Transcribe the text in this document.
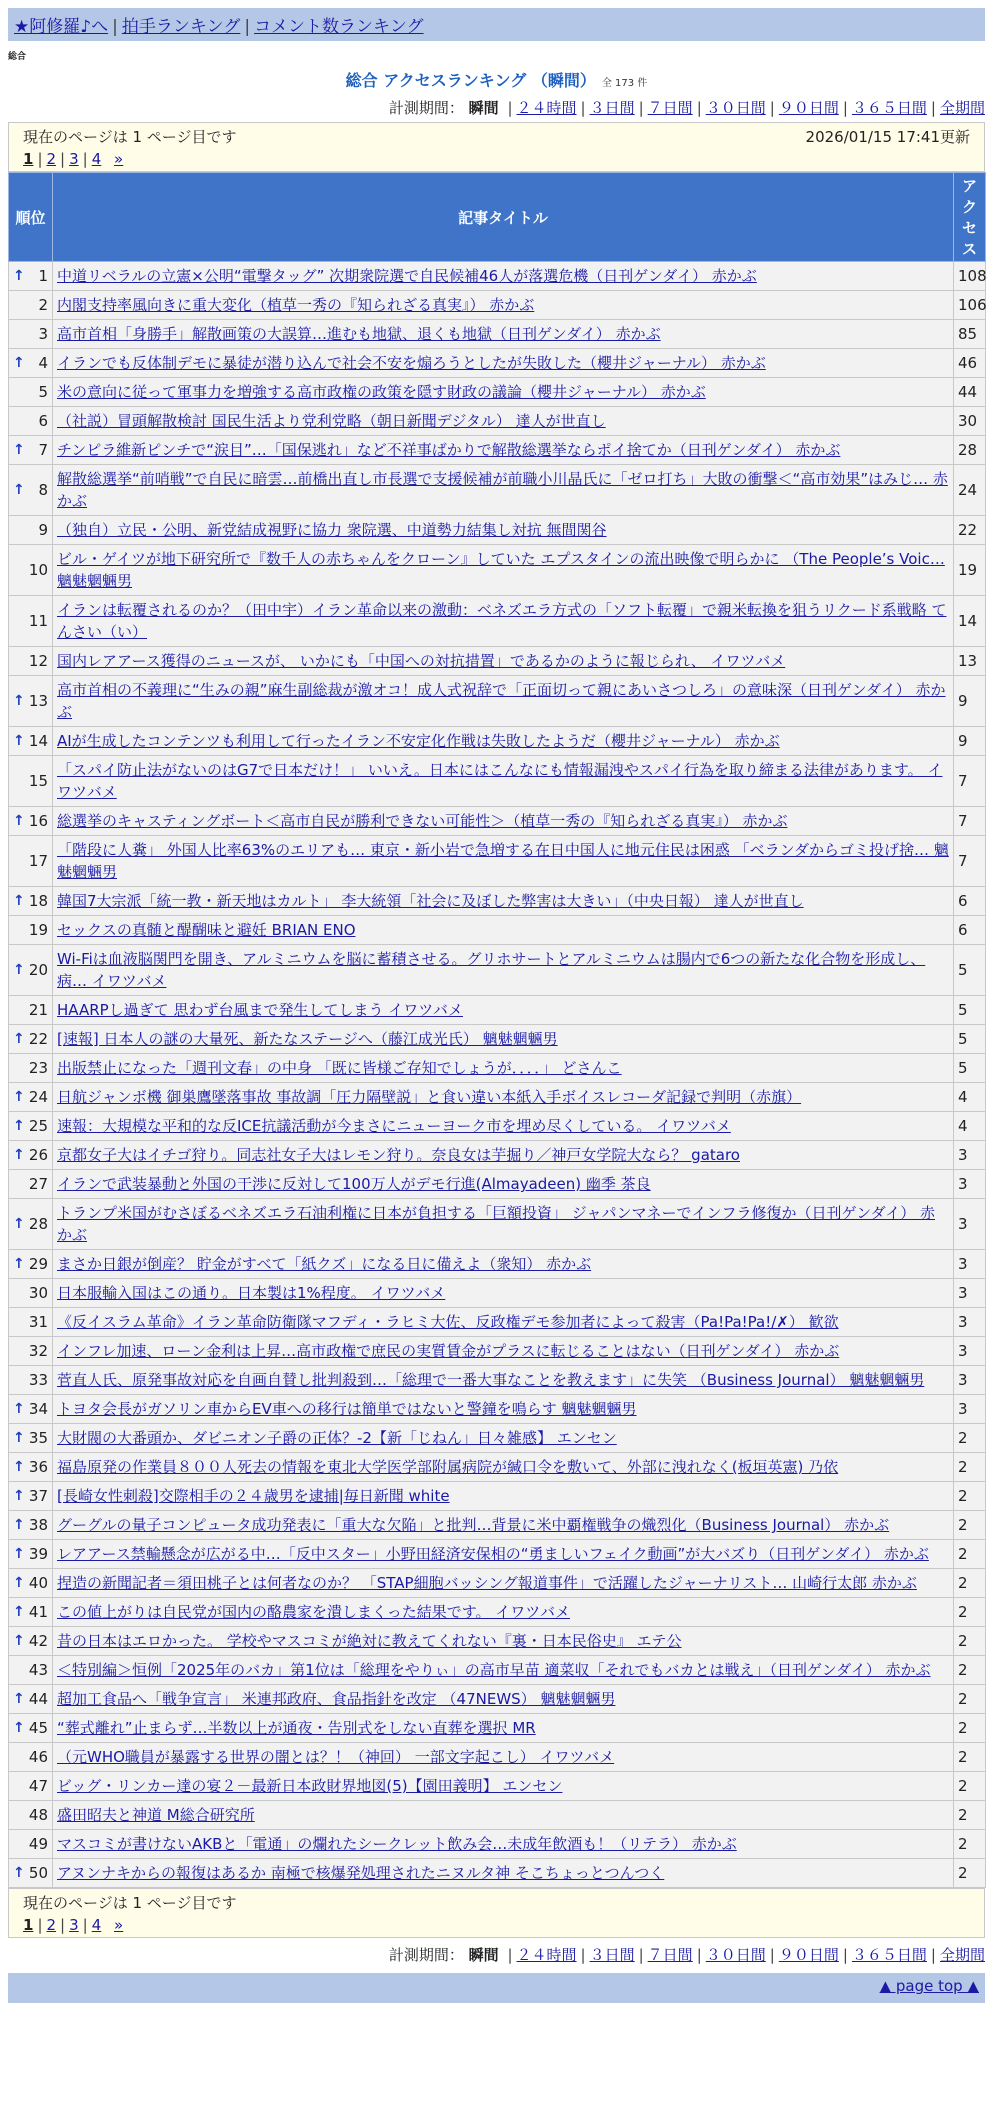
★阿修羅♪へ | 拍手ランキング | コメント数ランキング
総合
総合 アクセスランキング （瞬間） 全 173 件
計測期間： 瞬間 | ２４時間 | ３日間 | ７日間 | ３０日間 | ９０日間 | ３６５日間 | 全期間
現在のページは 1 ページ目です	2026/01/15 17:41更新
1 | 2 | 3 | 4 »
順位	記事タイトル	アクセス

↑ 1	中道リベラルの立憲×公明“電撃タッグ” 次期衆院選で自民候補46人が落選危機（日刊ゲンダイ） 赤かぶ	108
2	内閣支持率風向きに重大変化（植草一秀の『知られざる真実』） 赤かぶ	106
3	高市首相「身勝手」解散画策の大誤算…進むも地獄、退くも地獄（日刊ゲンダイ） 赤かぶ	85

↑ 4	イランでも反体制デモに暴徒が潜り込んで社会不安を煽ろうとしたが失敗した（櫻井ジャーナル） 赤かぶ	46
5	米の意向に従って軍事力を増強する高市政権の政策を隠す財政の議論（櫻井ジャーナル） 赤かぶ	44
6	（社説）冒頭解散検討 国民生活より党利党略（朝日新聞デジタル） 達人が世直し	30

↑ 7	チンピラ維新ピンチで“涙目”…「国保逃れ」など不祥事ばかりで解散総選挙ならポイ捨てか（日刊ゲンダイ） 赤かぶ	28

↑ 8	解散総選挙“前哨戦”で自民に暗雲…前橋出直し市長選で支援候補が前職小川晶氏に「ゼロ打ち」大敗の衝撃＜“高市効果”はみじ… 赤かぶ	24
9	（独自）立民・公明、新党結成視野に協力 衆院選、中道勢力結集し対抗 無間関谷	22
10	ビル・ゲイツが地下研究所で『数千人の赤ちゃんをクローン』していた エプスタインの流出映像で明らかに （The People’s Voic… 魑魅魍魎男	19
11	イランは転覆されるのか？（田中宇）イラン革命以来の激動：ベネズエラ方式の「ソフト転覆」で親米転換を狙うリクード系戦略 てんさい（い）	14
12	国内レアアース獲得のニュースが、 いかにも「中国への対抗措置」であるかのように報じられ、 イワツバメ	13

↑ 13	高市首相の不義理に“生みの親”麻生副総裁が激オコ！成人式祝辞で「正面切って親にあいさつしろ」の意味深（日刊ゲンダイ） 赤かぶ	9

↑ 14	AIが生成したコンテンツも利用して行ったイラン不安定化作戦は失敗したようだ（櫻井ジャーナル） 赤かぶ	9
15	「スパイ防止法がないのはG7で日本だけ！」 いいえ。日本にはこんなにも情報漏洩やスパイ行為を取り締まる法律があります。 イワツバメ	7

↑ 16	総選挙のキャスティングボート＜高市自民が勝利できない可能性＞（植草一秀の『知られざる真実』） 赤かぶ	7
17	「階段に人糞」 外国人比率63%のエリアも… 東京・新小岩で急増する在日中国人に地元住民は困惑 「ベランダからゴミ投げ捨… 魑魅魍魎男	7

↑ 18	韓国7大宗派「統一教・新天地はカルト」 李大統領「社会に及ぼした弊害は大きい」（中央日報） 達人が世直し	6
19	セックスの真髄と醍醐味と避妊 BRIAN ENO	6

↑ 20	Wi-Fiは血液脳関門を開き、アルミニウムを脳に蓄積させる。グリホサートとアルミニウムは腸内で6つの新たな化合物を形成し、病… イワツバメ	5
21	HAARPし過ぎて 思わず台風まで発生してしまう イワツバメ	5

↑ 22	[速報] 日本人の謎の大量死、新たなステージへ（藤江成光氏） 魑魅魍魎男	5
23	出版禁止になった「週刊文春」の中身 「既に皆様ご存知でしょうが．．．．」 どさんこ	5

↑ 24	日航ジャンボ機 御巣鷹墜落事故 事故調「圧力隔壁説」と食い違い本紙入手ボイスレコーダ記録で判明（赤旗）	4

↑ 25	速報：大規模な平和的な反ICE抗議活動が今まさにニューヨーク市を埋め尽くしている。 イワツバメ	4

↑ 26	京都女子大はイチゴ狩り。同志社女子大はレモン狩り。奈良女は芋掘り／神戸女学院大なら？ gataro	3
27	イランで武装暴動と外国の干渉に反対して100万人がデモ行進(Almayadeen) 幽季 茶良	3

↑ 28	トランプ米国がむさぼるベネズエラ石油利権に日本が負担する「巨額投資」 ジャパンマネーでインフラ修復か（日刊ゲンダイ） 赤かぶ	3

↑ 29	まさか日銀が倒産？ 貯金がすべて「紙クズ」になる日に備えよ（衆知） 赤かぶ	3
30	日本服輸入国はこの通り。日本製は1%程度。 イワツバメ	3
31	《反イスラム革命》イラン革命防衛隊マフディ・ラヒミ大佐、反政権デモ参加者によって殺害（Pa!Pa!Pa!/✗） 歓欲	3
32	インフレ加速、ローン金利は上昇…高市政権で庶民の実質賃金がプラスに転じることはない（日刊ゲンダイ） 赤かぶ	3
33	菅直人氏、原発事故対応を自画自賛し批判殺到…「総理で一番大事なことを教えます」に失笑 （Business Journal） 魑魅魍魎男	3

↑ 34	トヨタ会長がガソリン車からEV車への移行は簡単ではないと警鐘を鳴らす 魑魅魍魎男	3

↑ 35	大財閥の大番頭か、ダビニオン子爵の正体？-2【新「じねん」日々雑感】 エンセン	2

↑ 36	福島原発の作業員８００人死去の情報を東北大学医学部附属病院が緘口令を敷いて、外部に洩れなく(板垣英憲) 乃依	2

↑ 37	[長崎女性刺殺]交際相手の２４歳男を逮捕|毎日新聞 white	2

↑ 38	グーグルの量子コンピュータ成功発表に「重大な欠陥」と批判…背景に米中覇権戦争の熾烈化（Business Journal） 赤かぶ	2

↑ 39	レアアース禁輸懸念が広がる中…「反中スター」小野田経済安保相の“勇ましいフェイク動画”が大バズり（日刊ゲンダイ） 赤かぶ	2

↑ 40	捏造の新聞記者＝須田桃子とは何者なのか？ 「STAP細胞バッシング報道事件」で活躍したジャーナリスト… 山崎行太郎 赤かぶ	2

↑ 41	この値上がりは自民党が国内の酪農家を潰しまくった結果です。 イワツバメ	2

↑ 42	昔の日本はエロかった。 学校やマスコミが絶対に教えてくれない『裏・日本民俗史』 エテ公	2
43	＜特別編＞恒例「2025年のバカ」第1位は「総理をやりぃ」の高市早苗 適菜収「それでもバカとは戦え」（日刊ゲンダイ） 赤かぶ	2

↑ 44	超加工食品へ「戦争宣言」 米連邦政府、食品指針を改定 （47NEWS） 魑魅魍魎男	2

↑ 45	“葬式離れ”止まらず…半数以上が通夜・告別式をしない直葬を選択 MR	2
46	（元WHO職員が暴露する世界の闇とは？！（神回） 一部文字起こし） イワツバメ	2
47	ビッグ・リンカー達の宴２－最新日本政財界地図(5)【園田義明】 エンセン	2
48	盛田昭夫と神道 M総合研究所	2
49	マスコミが書けないAKBと「電通」の爛れたシークレット飲み会…未成年飲酒も！（リテラ） 赤かぶ	2

↑ 50	アヌンナキからの報復はあるか 南極で核爆発処理されたニヌルタ神 そこちょっとつんつく	2
現在のページは 1 ページ目です
1 | 2 | 3 | 4 »
計測期間： 瞬間 | ２４時間 | ３日間 | ７日間 | ３０日間 | ９０日間 | ３６５日間 | 全期間
▲ page top ▲
